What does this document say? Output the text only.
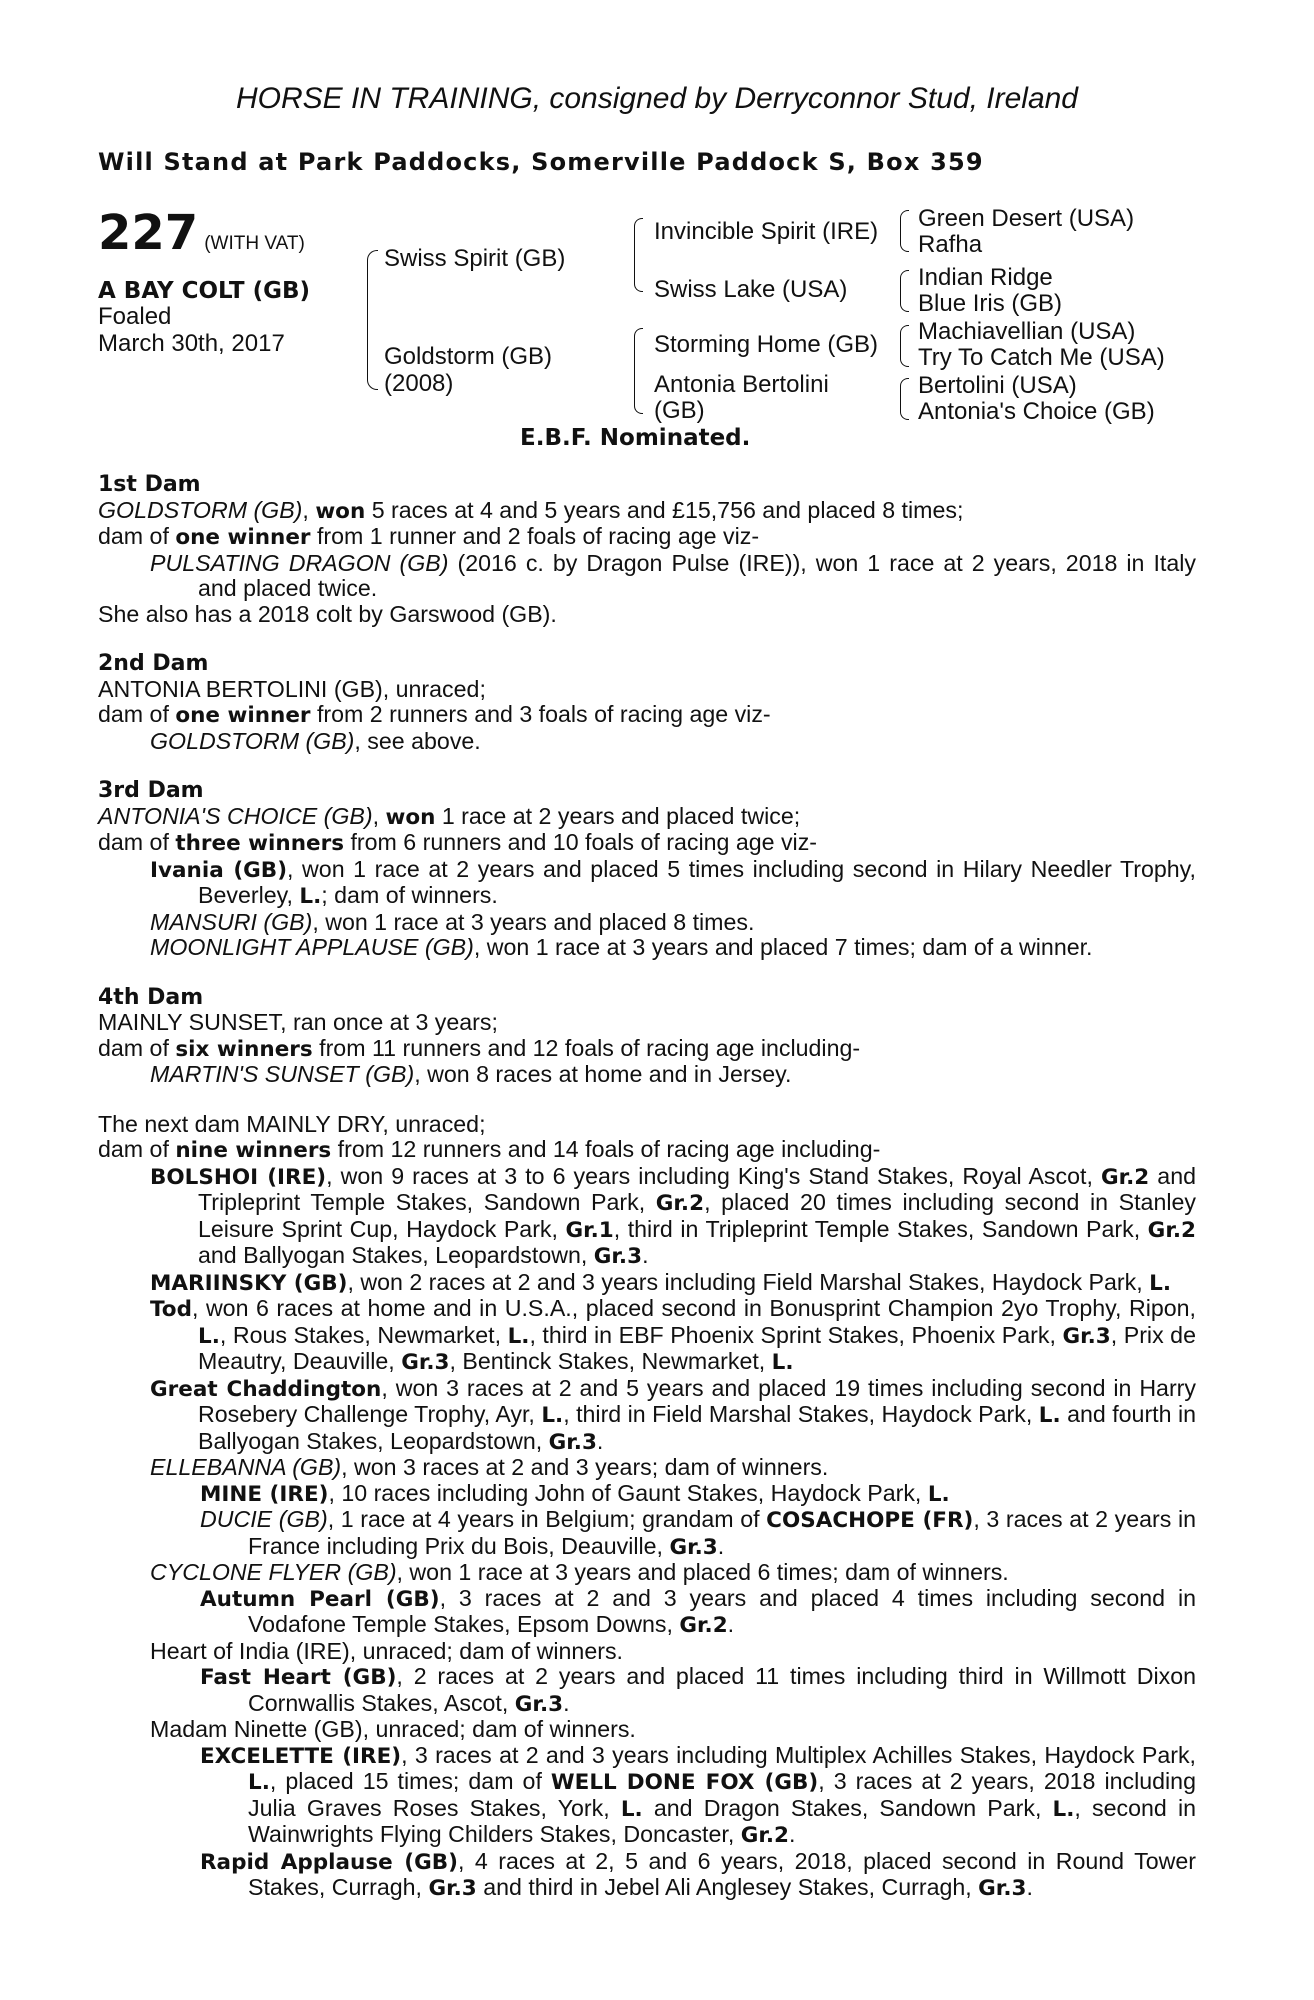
HORSE IN TRAINING, consigned by Derryconnor Stud, Ireland
Will Stand at Park Paddocks, Somerville Paddock S, Box 359
227 (WITH VAT)
A BAY COLT (GB)
Foaled
March 30th, 2017
Swiss Spirit (GB)
Goldstorm (GB)
(2008)
Invincible Spirit (IRE)
Swiss Lake (USA)
Storming Home (GB)
Antonia Bertolini
(GB)
Green Desert (USA)
Rafha
Indian Ridge
Blue Iris (GB)
Machiavellian (USA)
Try To Catch Me (USA)
Bertolini (USA)
Antonia's Choice (GB)
E.B.F. Nominated.
1st Dam
GOLDSTORM (GB), won 5 races at 4 and 5 years and £15,756 and placed 8 times;
dam of one winner from 1 runner and 2 foals of racing age viz-
PULSATING DRAGON (GB) (2016 c. by Dragon Pulse (IRE)), won 1 race at 2 years, 2018 in Italy and placed twice.
She also has a 2018 colt by Garswood (GB).
2nd Dam
ANTONIA BERTOLINI (GB), unraced;
dam of one winner from 2 runners and 3 foals of racing age viz-
GOLDSTORM (GB), see above.
3rd Dam
ANTONIA'S CHOICE (GB), won 1 race at 2 years and placed twice;
dam of three winners from 6 runners and 10 foals of racing age viz-
Ivania (GB), won 1 race at 2 years and placed 5 times including second in Hilary Needler Trophy, Beverley, L.; dam of winners.
MANSURI (GB), won 1 race at 3 years and placed 8 times.
MOONLIGHT APPLAUSE (GB), won 1 race at 3 years and placed 7 times; dam of a winner.
4th Dam
MAINLY SUNSET, ran once at 3 years;
dam of six winners from 11 runners and 12 foals of racing age including-
MARTIN'S SUNSET (GB), won 8 races at home and in Jersey.
The next dam MAINLY DRY, unraced;
dam of nine winners from 12 runners and 14 foals of racing age including-
BOLSHOI (IRE), won 9 races at 3 to 6 years including King's Stand Stakes, Royal Ascot, Gr.2 and Tripleprint Temple Stakes, Sandown Park, Gr.2, placed 20 times including second in Stanley Leisure Sprint Cup, Haydock Park, Gr.1, third in Tripleprint Temple Stakes, Sandown Park, Gr.2 and Ballyogan Stakes, Leopardstown, Gr.3.
MARIINSKY (GB), won 2 races at 2 and 3 years including Field Marshal Stakes, Haydock Park, L.
Tod, won 6 races at home and in U.S.A., placed second in Bonusprint Champion 2yo Trophy, Ripon, L., Rous Stakes, Newmarket, L., third in EBF Phoenix Sprint Stakes, Phoenix Park, Gr.3, Prix de Meautry, Deauville, Gr.3, Bentinck Stakes, Newmarket, L.
Great Chaddington, won 3 races at 2 and 5 years and placed 19 times including second in Harry Rosebery Challenge Trophy, Ayr, L., third in Field Marshal Stakes, Haydock Park, L. and fourth in Ballyogan Stakes, Leopardstown, Gr.3.
ELLEBANNA (GB), won 3 races at 2 and 3 years; dam of winners.
MINE (IRE), 10 races including John of Gaunt Stakes, Haydock Park, L.
DUCIE (GB), 1 race at 4 years in Belgium; grandam of COSACHOPE (FR), 3 races at 2 years in France including Prix du Bois, Deauville, Gr.3.
CYCLONE FLYER (GB), won 1 race at 3 years and placed 6 times; dam of winners.
Autumn Pearl (GB), 3 races at 2 and 3 years and placed 4 times including second in Vodafone Temple Stakes, Epsom Downs, Gr.2.
Heart of India (IRE), unraced; dam of winners.
Fast Heart (GB), 2 races at 2 years and placed 11 times including third in Willmott Dixon Cornwallis Stakes, Ascot, Gr.3.
Madam Ninette (GB), unraced; dam of winners.
EXCELETTE (IRE), 3 races at 2 and 3 years including Multiplex Achilles Stakes, Haydock Park, L., placed 15 times; dam of WELL DONE FOX (GB), 3 races at 2 years, 2018 including Julia Graves Roses Stakes, York, L. and Dragon Stakes, Sandown Park, L., second in Wainwrights Flying Childers Stakes, Doncaster, Gr.2.
Rapid Applause (GB), 4 races at 2, 5 and 6 years, 2018, placed second in Round Tower Stakes, Curragh, Gr.3 and third in Jebel Ali Anglesey Stakes, Curragh, Gr.3.
